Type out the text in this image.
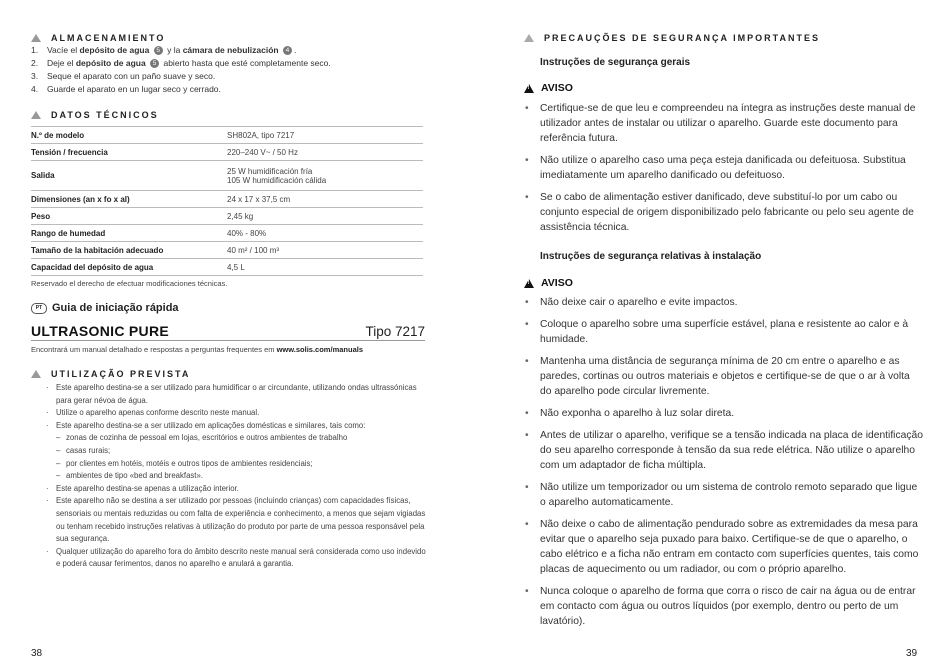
ALMACENAMIENTO
1.	Vacíe el depósito de agua 5 y la cámara de nebulización 4 .
2.	Deje el depósito de agua 5 abierto hasta que esté completamente seco.
3.	Seque el aparato con un paño suave y seco.
4.	Guarde el aparato en un lugar seco y cerrado.
DATOS TÉCNICOS
N.º de modelo	SH802A, tipo 7217
Tensión / frecuencia	220–240 V~ / 50 Hz
Salida	25 W humidificación fría
105 W humidificación cálida

Dimensiones (an x fo x al)	24 x 17 x 37,5 cm
Peso	2,45 kg
Rango de humedad	40% - 80%
Tamaño de la habitación adecuado	40 m² / 100 m³
Capacidad del depósito de agua	4,5 L
Reservado el derecho de efectuar modificaciones técnicas.
PT Guia de iniciação rápida
ULTRASONIC PURE	Tipo 7217
Encontrará um manual detalhado e respostas a perguntas frequentes em www.solis.com/manuals
UTILIZAÇÃO PREVISTA
· Este aparelho destina-se a ser utilizado para humidificar o ar circundante, utilizando ondas ultrassónicas para gerar névoa de água.
· Utilize o aparelho apenas conforme descrito neste manual.
· Este aparelho destina-se a ser utilizado em aplicações domésticas e similares, tais como:
– zonas de cozinha de pessoal em lojas, escritórios e outros ambientes de trabalho
– casas rurais;
– por clientes em hotéis, motéis e outros tipos de ambientes residenciais;
– ambientes de tipo «bed and breakfast».
· Este aparelho destina-se apenas a utilização interior.
· Este aparelho não se destina a ser utilizado por pessoas (incluindo crianças) com capacidades físicas, sensoriais ou mentais reduzidas ou com falta de experiência e conhecimento, a menos que sejam vigiadas ou tenham recebido instruções relativas à utilização do produto por parte de uma pessoa responsável pela sua segurança.
· Qualquer utilização do aparelho fora do âmbito descrito neste manual será considerada como uso indevido e poderá causar ferimentos, danos no aparelho e anulará a garantia.
38
PRECAUÇÕES DE SEGURANÇA IMPORTANTES
Instruções de segurança gerais
!
AVISO
• Certifique-se de que leu e compreendeu na íntegra as instruções deste manual de utilizador antes de instalar ou utilizar o aparelho. Guarde este documento para referência futura.
• Não utilize o aparelho caso uma peça esteja danificada ou defeituosa. Substitua imediatamente um aparelho danificado ou defeituoso.
• Se o cabo de alimentação estiver danificado, deve substituí-lo por um cabo ou conjunto especial de origem disponibilizado pelo fabricante ou pelo seu agente de assistência técnica.
Instruções de segurança relativas à instalação
!
AVISO
• Não deixe cair o aparelho e evite impactos.
• Coloque o aparelho sobre uma superfície estável, plana e resistente ao calor e à humidade.
• Mantenha uma distância de segurança mínima de 20 cm entre o aparelho e as paredes, cortinas ou outros materiais e objetos e certifique-se de que o ar à volta do aparelho pode circular livremente.
• Não exponha o aparelho à luz solar direta.
• Antes de utilizar o aparelho, verifique se a tensão indicada na placa de identificação do seu aparelho corresponde à tensão da sua rede elétrica. Não utilize o aparelho com um adaptador de ficha múltipla.
• Não utilize um temporizador ou um sistema de controlo remoto separado que ligue o aparelho automaticamente.
• Não deixe o cabo de alimentação pendurado sobre as extremidades da mesa para evitar que o aparelho seja puxado para baixo. Certifique-se de que o aparelho, o cabo elétrico e a ficha não entram em contacto com superfícies quentes, tais como placas de aquecimento ou um radiador, ou com o próprio aparelho.
• Nunca coloque o aparelho de forma que corra o risco de cair na água ou de entrar em contacto com água ou outros líquidos (por exemplo, dentro ou perto de um lavatório).
39
